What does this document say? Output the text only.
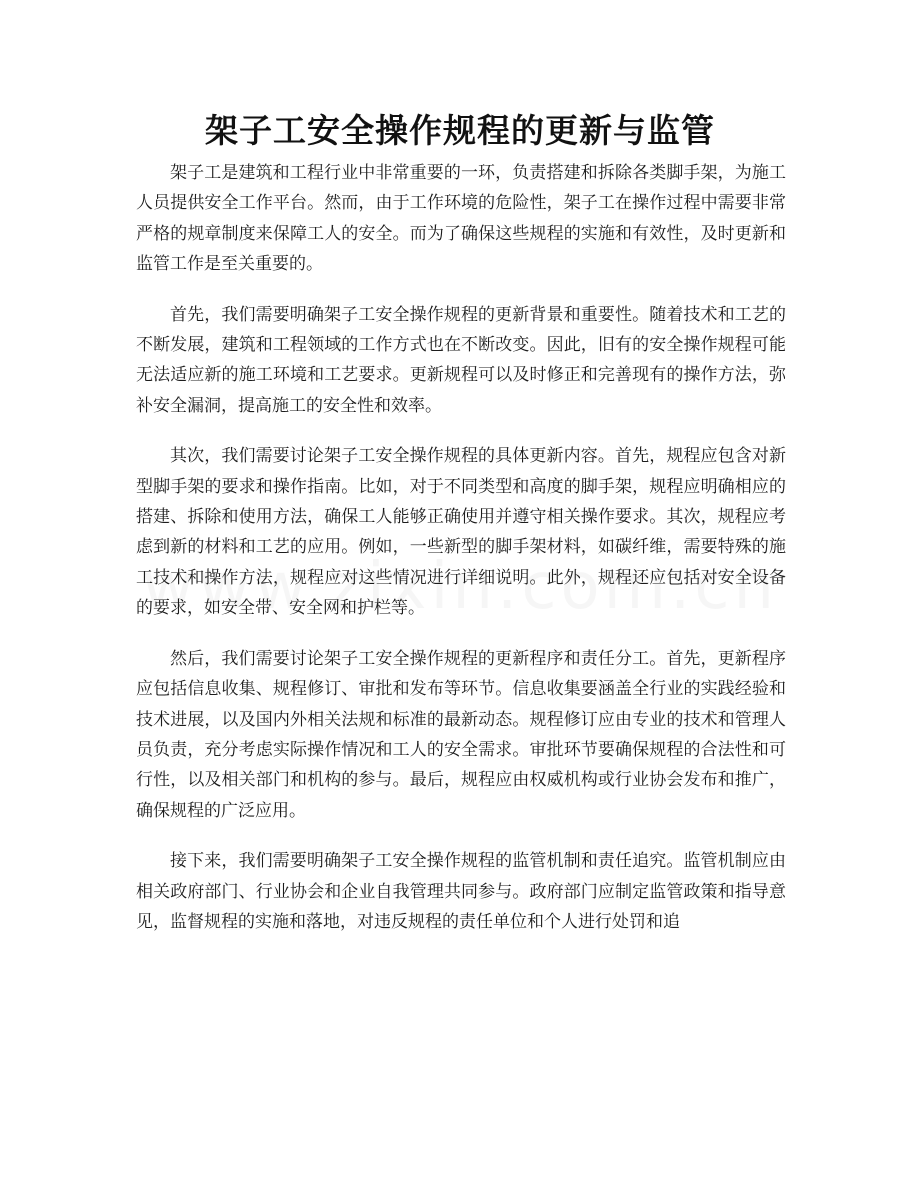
架子工安全操作规程的更新与监管

架子工是建筑和工程行业中非常重要的一环，负责搭建和拆除各类脚手架，为施工人员提供安全工作平台。然而，由于工作环境的危险性，架子工在操作过程中需要非常严格的规章制度来保障工人的安全。而为了确保这些规程的实施和有效性，及时更新和监管工作是至关重要的。

首先，我们需要明确架子工安全操作规程的更新背景和重要性。随着技术和工艺的不断发展，建筑和工程领域的工作方式也在不断改变。因此，旧有的安全操作规程可能无法适应新的施工环境和工艺要求。更新规程可以及时修正和完善现有的操作方法，弥补安全漏洞，提高施工的安全性和效率。

其次，我们需要讨论架子工安全操作规程的具体更新内容。首先，规程应包含对新型脚手架的要求和操作指南。比如，对于不同类型和高度的脚手架，规程应明确相应的搭建、拆除和使用方法，确保工人能够正确使用并遵守相关操作要求。其次，规程应考虑到新的材料和工艺的应用。例如，一些新型的脚手架材料，如碳纤维，需要特殊的施工技术和操作方法，规程应对这些情况进行详细说明。此外，规程还应包括对安全设备的要求，如安全带、安全网和护栏等。

然后，我们需要讨论架子工安全操作规程的更新程序和责任分工。首先，更新程序应包括信息收集、规程修订、审批和发布等环节。信息收集要涵盖全行业的实践经验和技术进展，以及国内外相关法规和标准的最新动态。规程修订应由专业的技术和管理人员负责，充分考虑实际操作情况和工人的安全需求。审批环节要确保规程的合法性和可行性，以及相关部门和机构的参与。最后，规程应由权威机构或行业协会发布和推广，确保规程的广泛应用。

接下来，我们需要明确架子工安全操作规程的监管机制和责任追究。监管机制应由相关政府部门、行业协会和企业自我管理共同参与。政府部门应制定监管政策和指导意见，监督规程的实施和落地，对违反规程的责任单位和个人进行处罚和追
